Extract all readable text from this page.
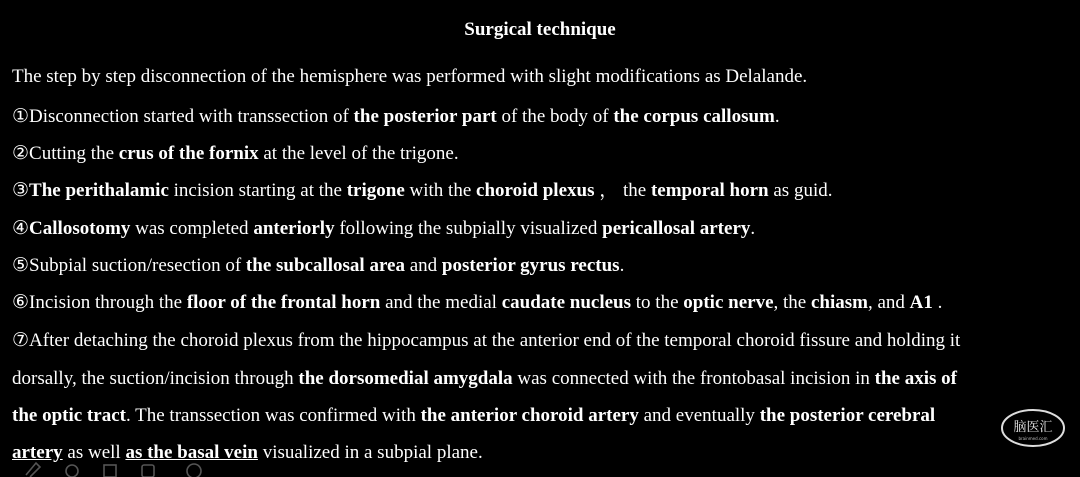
Surgical technique
The step by step disconnection of the hemisphere was performed with slight modifications as Delalande.
①Disconnection started with transsection of the posterior part of the body of the corpus callosum.
②Cutting the crus of the fornix at the level of the trigone.
③The perithalamic incision starting at the trigone with the choroid plexus ， the temporal horn as guid.
④Callosotomy was completed anteriorly following the subpially visualized pericallosal artery.
⑤Subpial suction/resection of the subcallosal area and posterior gyrus rectus.
⑥Incision through the floor of the frontal horn and the medial caudate nucleus to the optic nerve, the chiasm, and A1 .
⑦After detaching the choroid plexus from the hippocampus at the anterior end of the temporal choroid fissure and holding it
dorsally, the suction/incision through the dorsomedial amygdala was connected with the frontobasal incision in the axis of
the optic tract. The transsection was confirmed with the anterior choroid artery and eventually the posterior cerebral
artery as well as the basal vein visualized in a subpial plane.
脑医汇
brainmed.com
